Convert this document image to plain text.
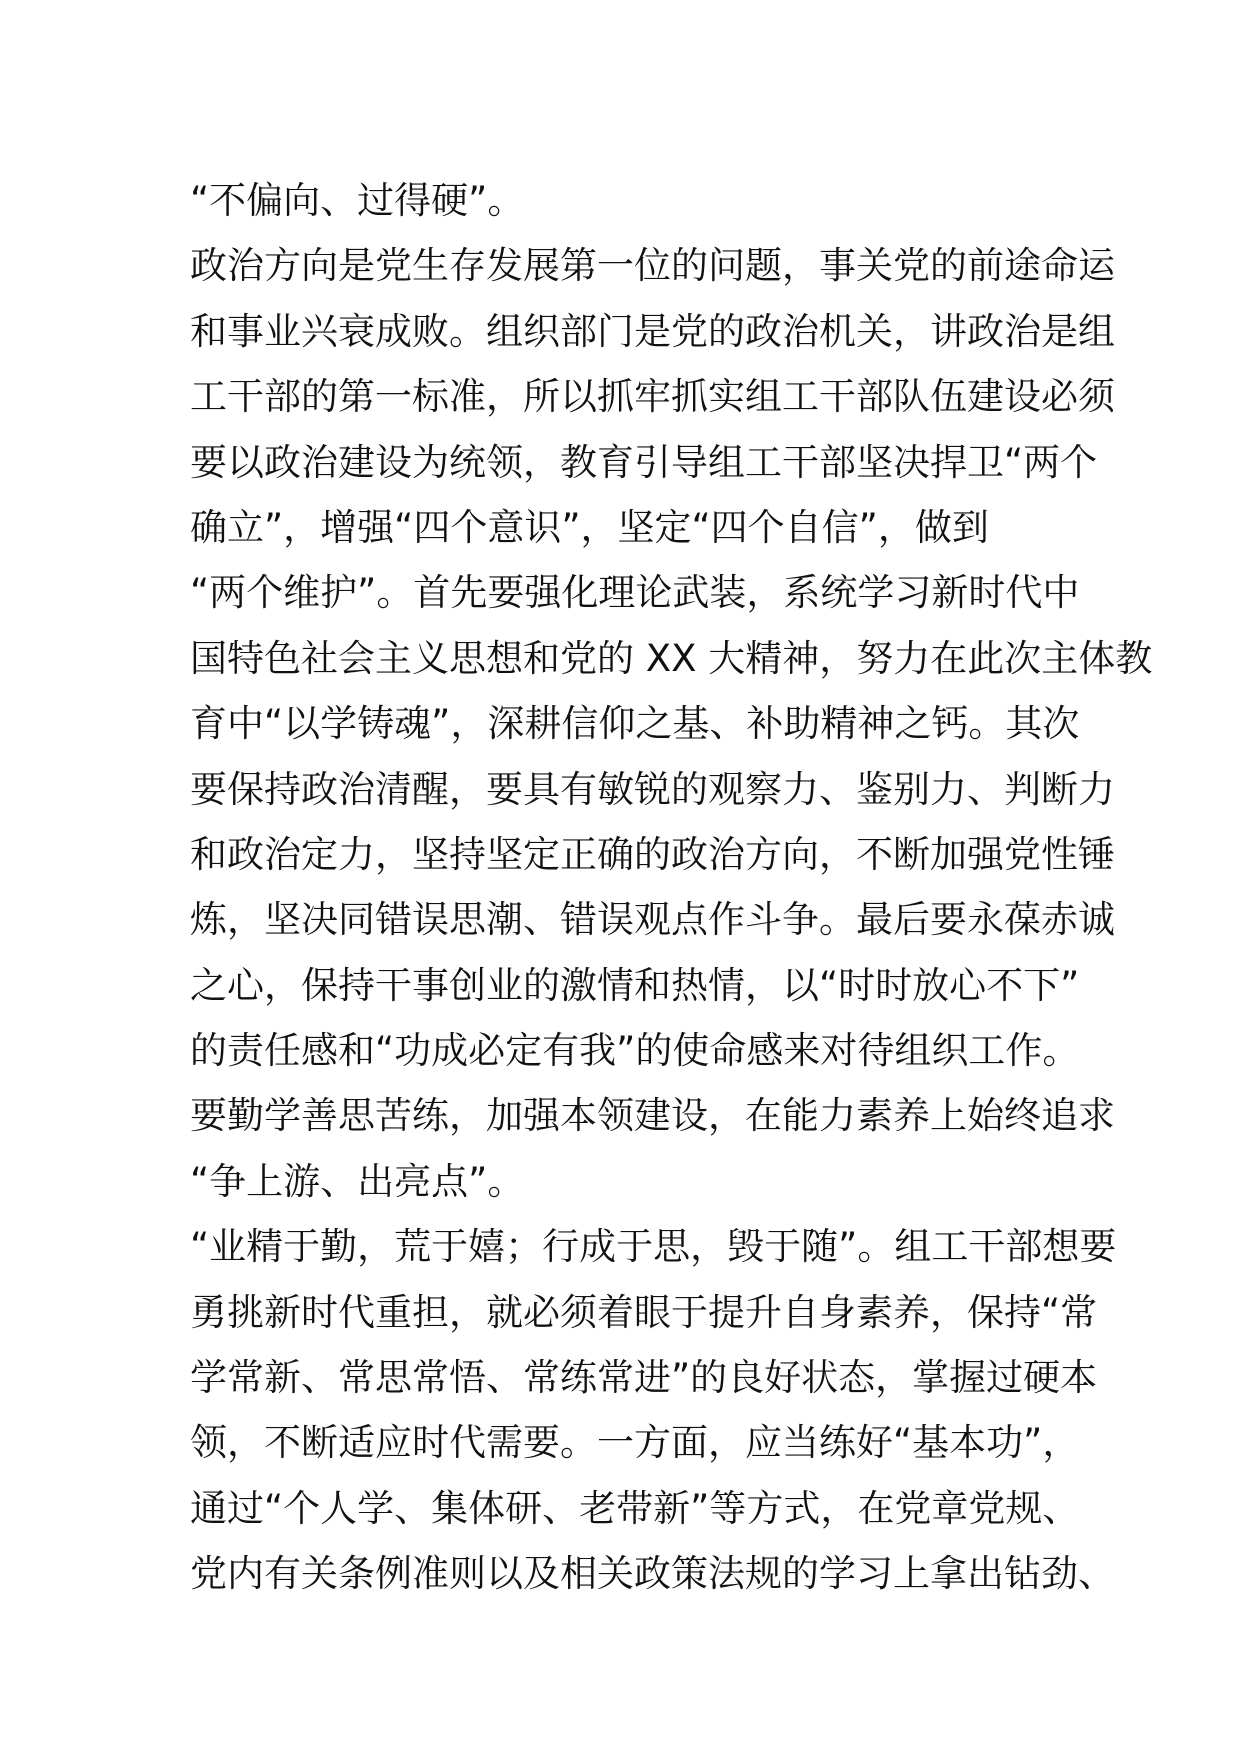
“不偏向、过得硬”。
政治方向是党生存发展第一位的问题，事关党的前途命运
和事业兴衰成败。组织部门是党的政治机关，讲政治是组
工干部的第一标准，所以抓牢抓实组工干部队伍建设必须
要以政治建设为统领，教育引导组工干部坚决捍卫“两个
确立”，增强“四个意识”，坚定“四个自信”，做到
“两个维护”。首先要强化理论武装，系统学习新时代中
国特色社会主义思想和党的 XX 大精神，努力在此次主体教
育中“以学铸魂”，深耕信仰之基、补助精神之钙。其次
要保持政治清醒，要具有敏锐的观察力、鉴别力、判断力
和政治定力，坚持坚定正确的政治方向，不断加强党性锤
炼，坚决同错误思潮、错误观点作斗争。最后要永葆赤诚
之心，保持干事创业的激情和热情，以“时时放心不下”
的责任感和“功成必定有我”的使命感来对待组织工作。
要勤学善思苦练，加强本领建设，在能力素养上始终追求
“争上游、出亮点”。
“业精于勤，荒于嬉；行成于思，毁于随”。组工干部想要
勇挑新时代重担，就必须着眼于提升自身素养，保持“常
学常新、常思常悟、常练常进”的良好状态，掌握过硬本
领，不断适应时代需要。一方面，应当练好“基本功”，
通过“个人学、集体研、老带新”等方式，在党章党规、
党内有关条例准则以及相关政策法规的学习上拿出钻劲、
